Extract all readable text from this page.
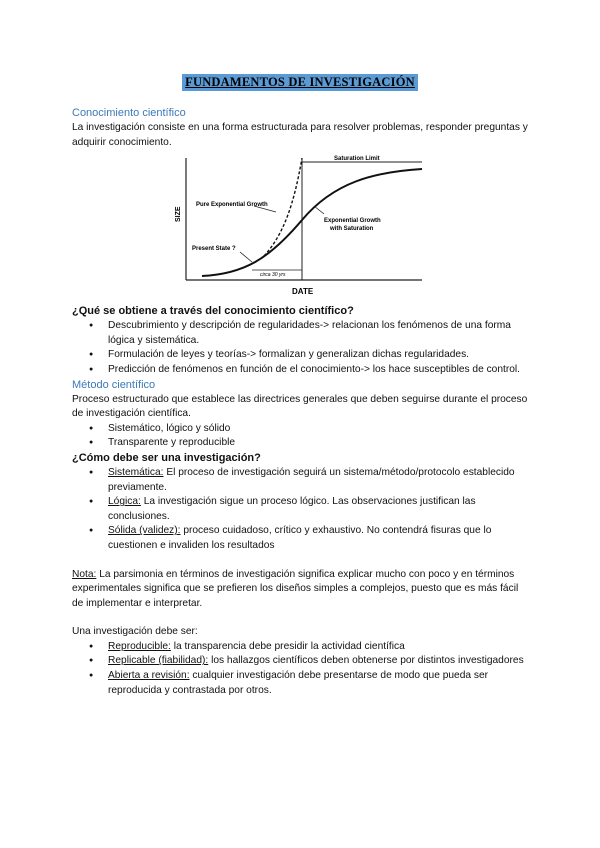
FUNDAMENTOS DE INVESTIGACIÓN

Conocimiento científico

La investigación consiste en una forma estructurada para resolver problemas, responder preguntas y adquirir conocimiento.

SIZE
DATE
Saturation Limit
Pure Exponential Growth
Exponential Growth
with Saturation
Present State ?
circa 30 yrs

¿Qué se obtiene a través del conocimiento científico?

● Descubrimiento y descripción de regularidades-> relacionan los fenómenos de una forma lógica y sistemática.
● Formulación de leyes y teorías-> formalizan y generalizan dichas regularidades.
● Predicción de fenómenos en función de el conocimiento-> los hace susceptibles de control.

Método científico

Proceso estructurado que establece las directrices generales que deben seguirse durante el proceso de investigación científica.

● Sistemático, lógico y sólido
● Transparente y reproducible

¿Cómo debe ser una investigación?

● Sistemática: El proceso de investigación seguirá un sistema/método/protocolo establecido previamente.
● Lógica: La investigación sigue un proceso lógico. Las observaciones justifican las conclusiones.
● Sólida (validez): proceso cuidadoso, crítico y exhaustivo. No contendrá fisuras que lo cuestionen e invaliden los resultados

Nota: La parsimonia en términos de investigación significa explicar mucho con poco y en términos experimentales significa que se prefieren los diseños simples a complejos, puesto que es más fácil de implementar e interpretar.

Una investigación debe ser:

● Reproducible: la transparencia debe presidir la actividad científica
● Replicable (fiabilidad): los hallazgos científicos deben obtenerse por distintos investigadores
● Abierta a revisión: cualquier investigación debe presentarse de modo que pueda ser reproducida y contrastada por otros.
